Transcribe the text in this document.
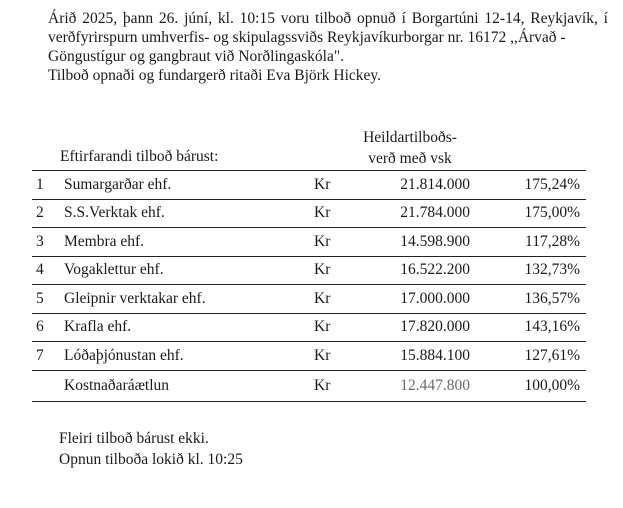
Árið 2025, þann 26. júní, kl. 10:15 voru tilboð opnuð í Borgartúni 12-14, Reykjavík, í
verðfyrirspurn umhverfis- og skipulagssviðs Reykjavíkurborgar nr. 16172 ,,Árvað -
Göngustígur og gangbraut við Norðlingaskóla".
Tilboð opnaði og fundargerð ritaði Eva Björk Hickey.
Heildartilboðs-
verð með vsk
Eftirfarandi tilboð bárust:
1	Sumargarðar ehf.	Kr	21.814.000	175,24%
2	S.S.Verktak ehf.	Kr	21.784.000	175,00%
3	Membra ehf.	Kr	14.598.900	117,28%
4	Vogaklettur ehf.	Kr	16.522.200	132,73%
5	Gleipnir verktakar ehf.	Kr	17.000.000	136,57%
6	Krafla ehf.	Kr	17.820.000	143,16%
7	Lóðaþjónustan ehf.	Kr	15.884.100	127,61%
	Kostnaðaráætlun	Kr	12.447.800	100,00%
Fleiri tilboð bárust ekki.
Opnun tilboða lokið kl. 10:25
